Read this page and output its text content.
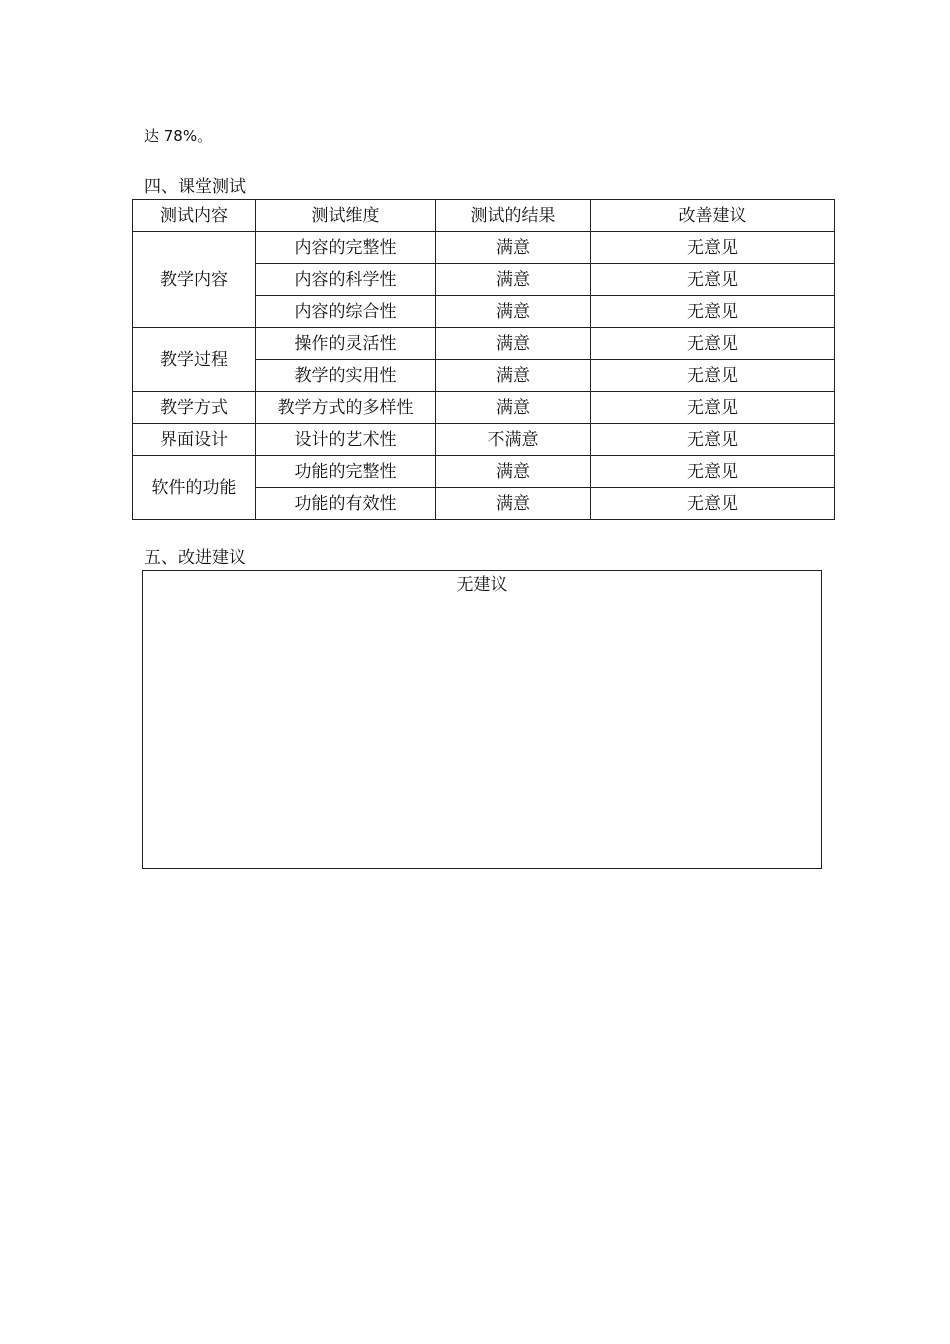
达 78%。
四、课堂测试
测试内容	测试维度	测试的结果	改善建议
教学内容	内容的完整性	满意	无意见
	内容的科学性	满意	无意见
	内容的综合性	满意	无意见
教学过程	操作的灵活性	满意	无意见
	教学的实用性	满意	无意见
教学方式	教学方式的多样性	满意	无意见
界面设计	设计的艺术性	不满意	无意见
软件的功能	功能的完整性	满意	无意见
	功能的有效性	满意	无意见
五、改进建议
无建议
